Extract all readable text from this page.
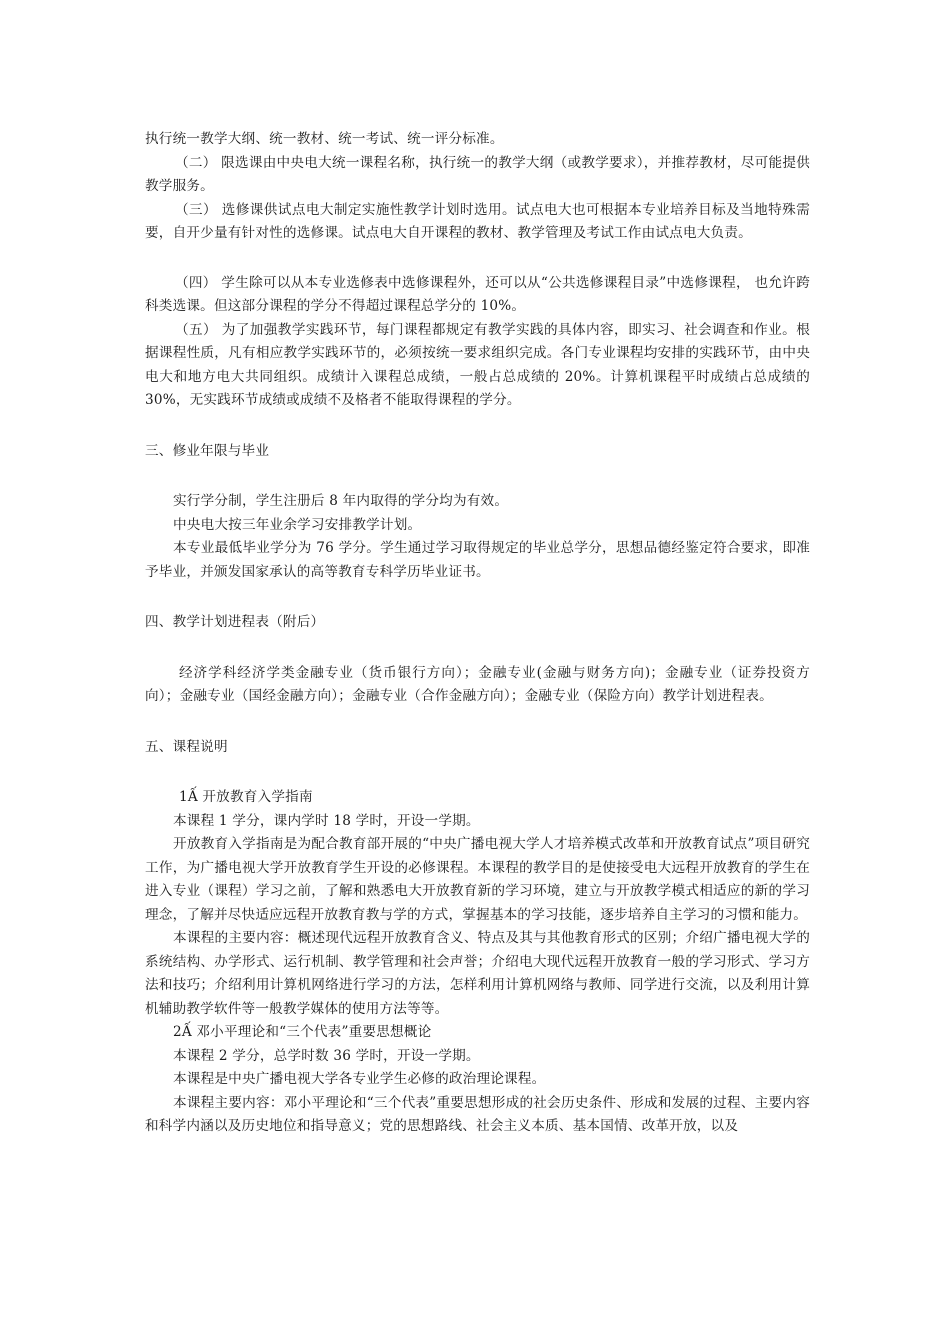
执行统一教学大纲、统一教材、统一考试、统一评分标准。

（二） 限选课由中央电大统一课程名称，执行统一的教学大纲（或教学要求），并推荐教材，尽可能提供教学服务。

（三） 选修课供试点电大制定实施性教学计划时选用。试点电大也可根据本专业培养目标及当地特殊需要，自开少量有针对性的选修课。试点电大自开课程的教材、教学管理及考试工作由试点电大负责。

（四） 学生除可以从本专业选修表中选修课程外，还可以从“公共选修课程目录”中选修课程， 也允许跨科类选课。但这部分课程的学分不得超过课程总学分的 10%。

（五） 为了加强教学实践环节，每门课程都规定有教学实践的具体内容，即实习、社会调查和作业。根据课程性质，凡有相应教学实践环节的，必须按统一要求组织完成。各门专业课程均安排的实践环节，由中央电大和地方电大共同组织。成绩计入课程总成绩，一般占总成绩的 20%。计算机课程平时成绩占总成绩的 30%，无实践环节成绩或成绩不及格者不能取得课程的学分。

三、修业年限与毕业

实行学分制，学生注册后 8 年内取得的学分均为有效。

中央电大按三年业余学习安排教学计划。

本专业最低毕业学分为 76 学分。学生通过学习取得规定的毕业总学分，思想品德经鉴定符合要求，即准予毕业，并颁发国家承认的高等教育专科学历毕业证书。

四、教学计划进程表（附后）

经济学科经济学类金融专业（货币银行方向）；金融专业(金融与财务方向)；金融专业（证券投资方向）；金融专业（国经金融方向）；金融专业（合作金融方向）；金融专业（保险方向）教学计划进程表。

五、课程说明

1Ấ 开放教育入学指南

本课程 1 学分，课内学时 18 学时，开设一学期。

开放教育入学指南是为配合教育部开展的“中央广播电视大学人才培养模式改革和开放教育试点”项目研究工作，为广播电视大学开放教育学生开设的必修课程。本课程的教学目的是使接受电大远程开放教育的学生在进入专业（课程）学习之前，了解和熟悉电大开放教育新的学习环境，建立与开放教学模式相适应的新的学习理念，了解并尽快适应远程开放教育教与学的方式，掌握基本的学习技能，逐步培养自主学习的习惯和能力。

本课程的主要内容：概述现代远程开放教育含义、特点及其与其他教育形式的区别；介绍广播电视大学的系统结构、办学形式、运行机制、教学管理和社会声誉；介绍电大现代远程开放教育一般的学习形式、学习方法和技巧；介绍利用计算机网络进行学习的方法，怎样利用计算机网络与教师、同学进行交流，以及利用计算机辅助教学软件等一般教学媒体的使用方法等等。

2Ấ 邓小平理论和“三个代表”重要思想概论

本课程 2 学分，总学时数 36 学时，开设一学期。

本课程是中央广播电视大学各专业学生必修的政治理论课程。

本课程主要内容：邓小平理论和“三个代表”重要思想形成的社会历史条件、形成和发展的过程、主要内容和科学内涵以及历史地位和指导意义；党的思想路线、社会主义本质、基本国情、改革开放，以及
